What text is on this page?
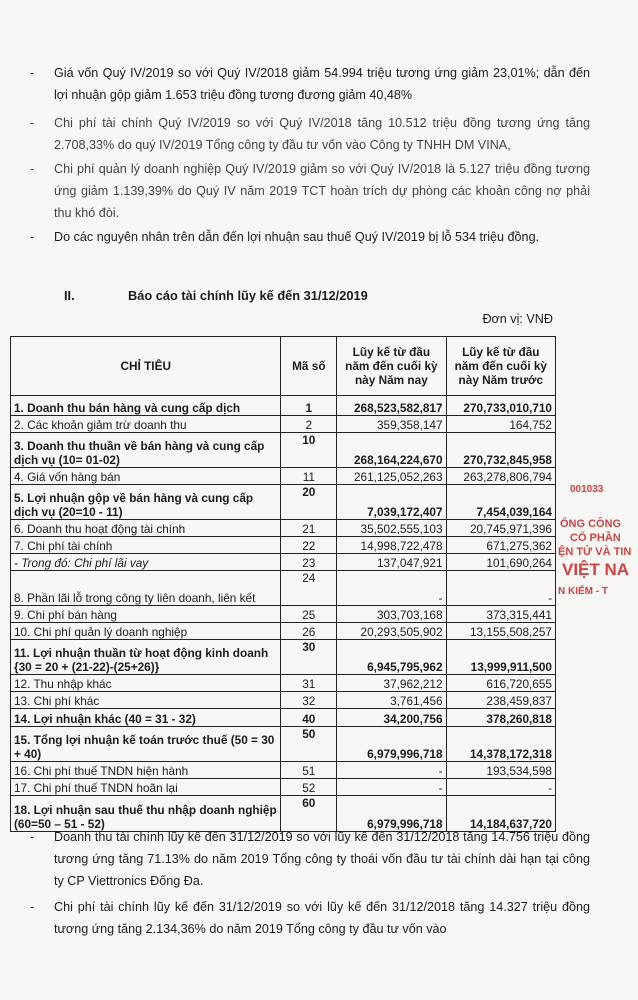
-	Giá vốn Quý IV/2019 so với Quý IV/2018 giảm 54.994 triệu tương ứng giảm 23,01%; dẫn đến lợi nhuận gộp giảm 1.653 triệu đồng tương đương giảm 40,48%
-	Chi phí tài chính Quý IV/2019 so với Quý IV/2018 tăng 10.512 triệu đồng tương ứng tăng 2.708,33% do quý IV/2019 Tổng công ty đầu tư vốn vào Công ty TNHH DM VINA,
-	Chi phí quản lý doanh nghiệp Quý IV/2019 giảm so với Quý IV/2018 là 5.127 triệu đồng tương ứng giảm 1.139,39% do Quý IV năm 2019 TCT hoàn trích dự phòng các khoản công nợ phải thu khó đòi.
-	Do các nguyên nhân trên dẫn đến lợi nhuận sau thuế Quý IV/2019 bị lỗ 534 triệu đồng.
II.	Báo cáo tài chính lũy kế đến 31/12/2019
Đơn vị: VNĐ
CHỈ TIÊU	Mã số	Lũy kế từ đầu năm đến cuối kỳ này Năm nay	Lũy kế từ đầu năm đến cuối kỳ này Năm trước
1. Doanh thu bán hàng và cung cấp dịch	1	268,523,582,817	270,733,010,710
2. Các khoản giảm trừ doanh thu	2	359,358,147	164,752
3. Doanh thu thuần về bán hàng và cung cấp dịch vụ (10= 01-02)	10	268,164,224,670	270,732,845,958
4. Giá vốn hàng bán	11	261,125,052,263	263,278,806,794
5. Lợi nhuận gộp về bán hàng và cung cấp dịch vụ (20=10 - 11)	20	7,039,172,407	7,454,039,164
6. Doanh thu hoạt động tài chính	21	35,502,555,103	20,745,971,396
7. Chi phí tài chính	22	14,998,722,478	671,275,362
- Trong đó: Chi phí lãi vay	23	137,047,921	101,690,264
8. Phần lãi lỗ trong công ty liên doanh, liên kết	24	-	-
9. Chi phí bán hàng	25	303,703,168	373,315,441
10. Chi phí quản lý doanh nghiệp	26	20,293,505,902	13,155,508,257
11. Lợi nhuận thuần từ hoạt động kinh doanh {30 = 20 + (21-22)-(25+26)}	30	6,945,795,962	13,999,911,500
12. Thu nhập khác	31	37,962,212	616,720,655
13. Chi phí khác	32	3,761,456	238,459,837
14. Lợi nhuận khác (40 = 31 - 32)	40	34,200,756	378,260,818
15. Tổng lợi nhuận kế toán trước thuế (50 = 30 + 40)	50	6,979,996,718	14,378,172,318
16. Chi phí thuế TNDN hiện hành	51	-	193,534,598
17. Chi phí thuế TNDN hoãn lại	52	-	-
18. Lợi nhuận sau thuế thu nhập doanh nghiệp (60=50 – 51 - 52)	60	6,979,996,718	14,184,637,720
001033
ỔNG CÔNG
CỔ PHẦN
ỆN TỬ VÀ TIN
VIỆT NA
N KIẾM - T
-	Doanh thu tài chính lũy kế đến 31/12/2019 so với lũy kế đến 31/12/2018 tăng 14.756 triệu đồng tương ứng tăng 71.13% do năm 2019 Tổng công ty thoái vốn đầu tư tài chính dài hạn tại công ty CP Viettronics Đống Đa.
-	Chi phí tài chính lũy kế đến 31/12/2019 so với lũy kế đến 31/12/2018 tăng 14.327 triệu đồng tương ứng tăng 2.134,36% do năm 2019 Tổng công ty đầu tư vốn vào
